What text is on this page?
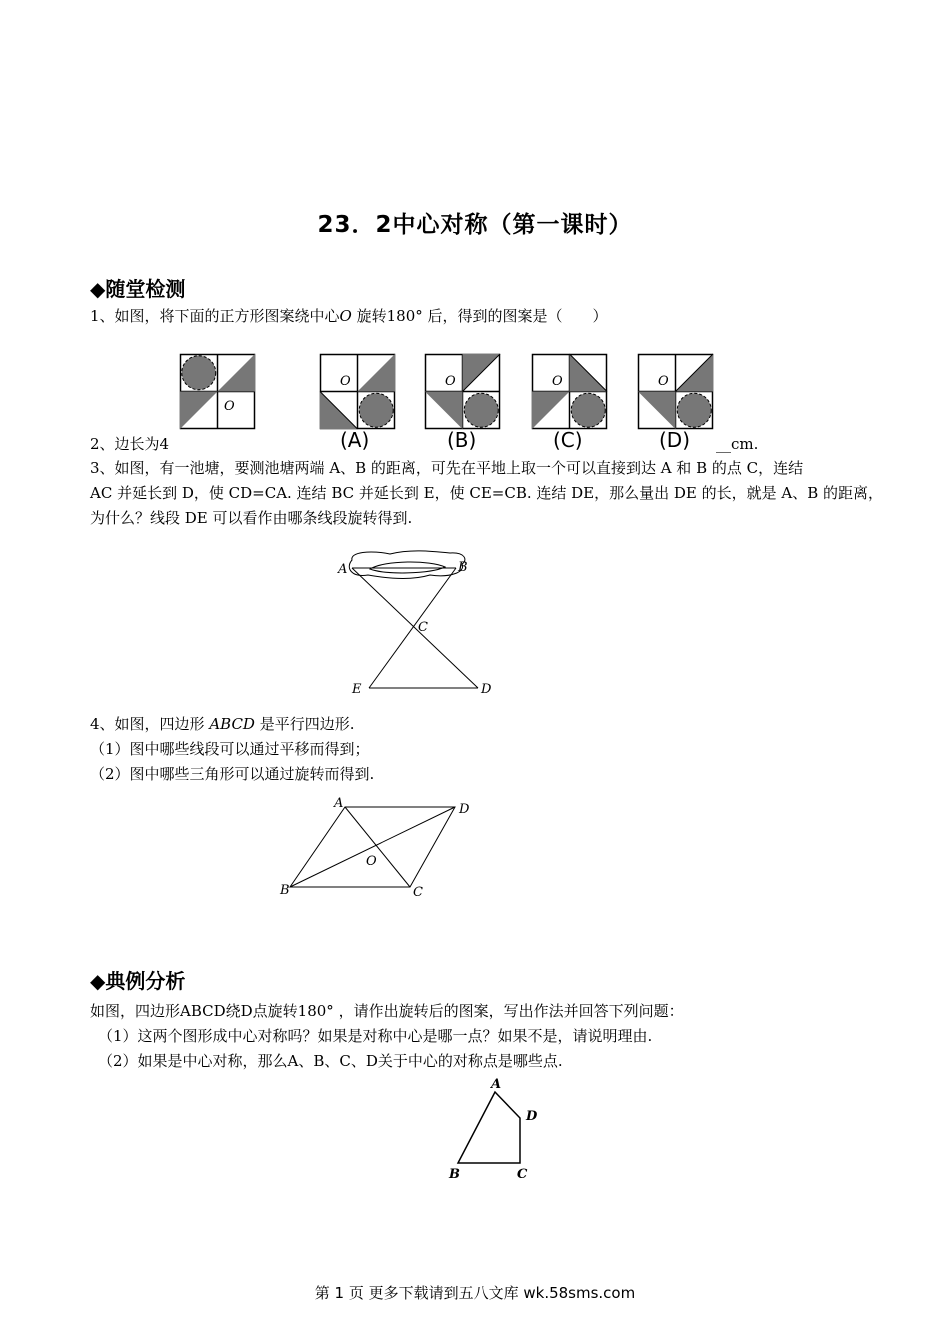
23．2中心对称（第一课时）
◆随堂检测
1、如图，将下面的正方形图案绕中心O 旋转180° 后，得到的图案是（　　）
O
O	O	O	O
(A)	(B)	(C)	(D)
2、边长为4	__cm.
3、如图，有一池塘，要测池塘两端 A、B 的距离，可先在平地上取一个可以直接到达 A 和 B 的点 C，连结
AC 并延长到 D，使 CD=CA. 连结 BC 并延长到 E，使 CE=CB. 连结 DE，那么量出 DE 的长，就是 A、B 的距离，
为什么？线段 DE 可以看作由哪条线段旋转得到.
A	B
C
E	D
4、如图，四边形 ABCD 是平行四边形.
（1）图中哪些线段可以通过平移而得到；
（2）图中哪些三角形可以通过旋转而得到.
A	D
O
B	C
◆典例分析
如图，四边形ABCD绕D点旋转180° ，请作出旋转后的图案，写出作法并回答下列问题：
（1）这两个图形成中心对称吗？如果是对称中心是哪一点？如果不是，请说明理由.
（2）如果是中心对称，那么A、B、C、D关于中心的对称点是哪些点.
A
D
B	C
第 1 页 更多下载请到五八文库 wk.58sms.com
